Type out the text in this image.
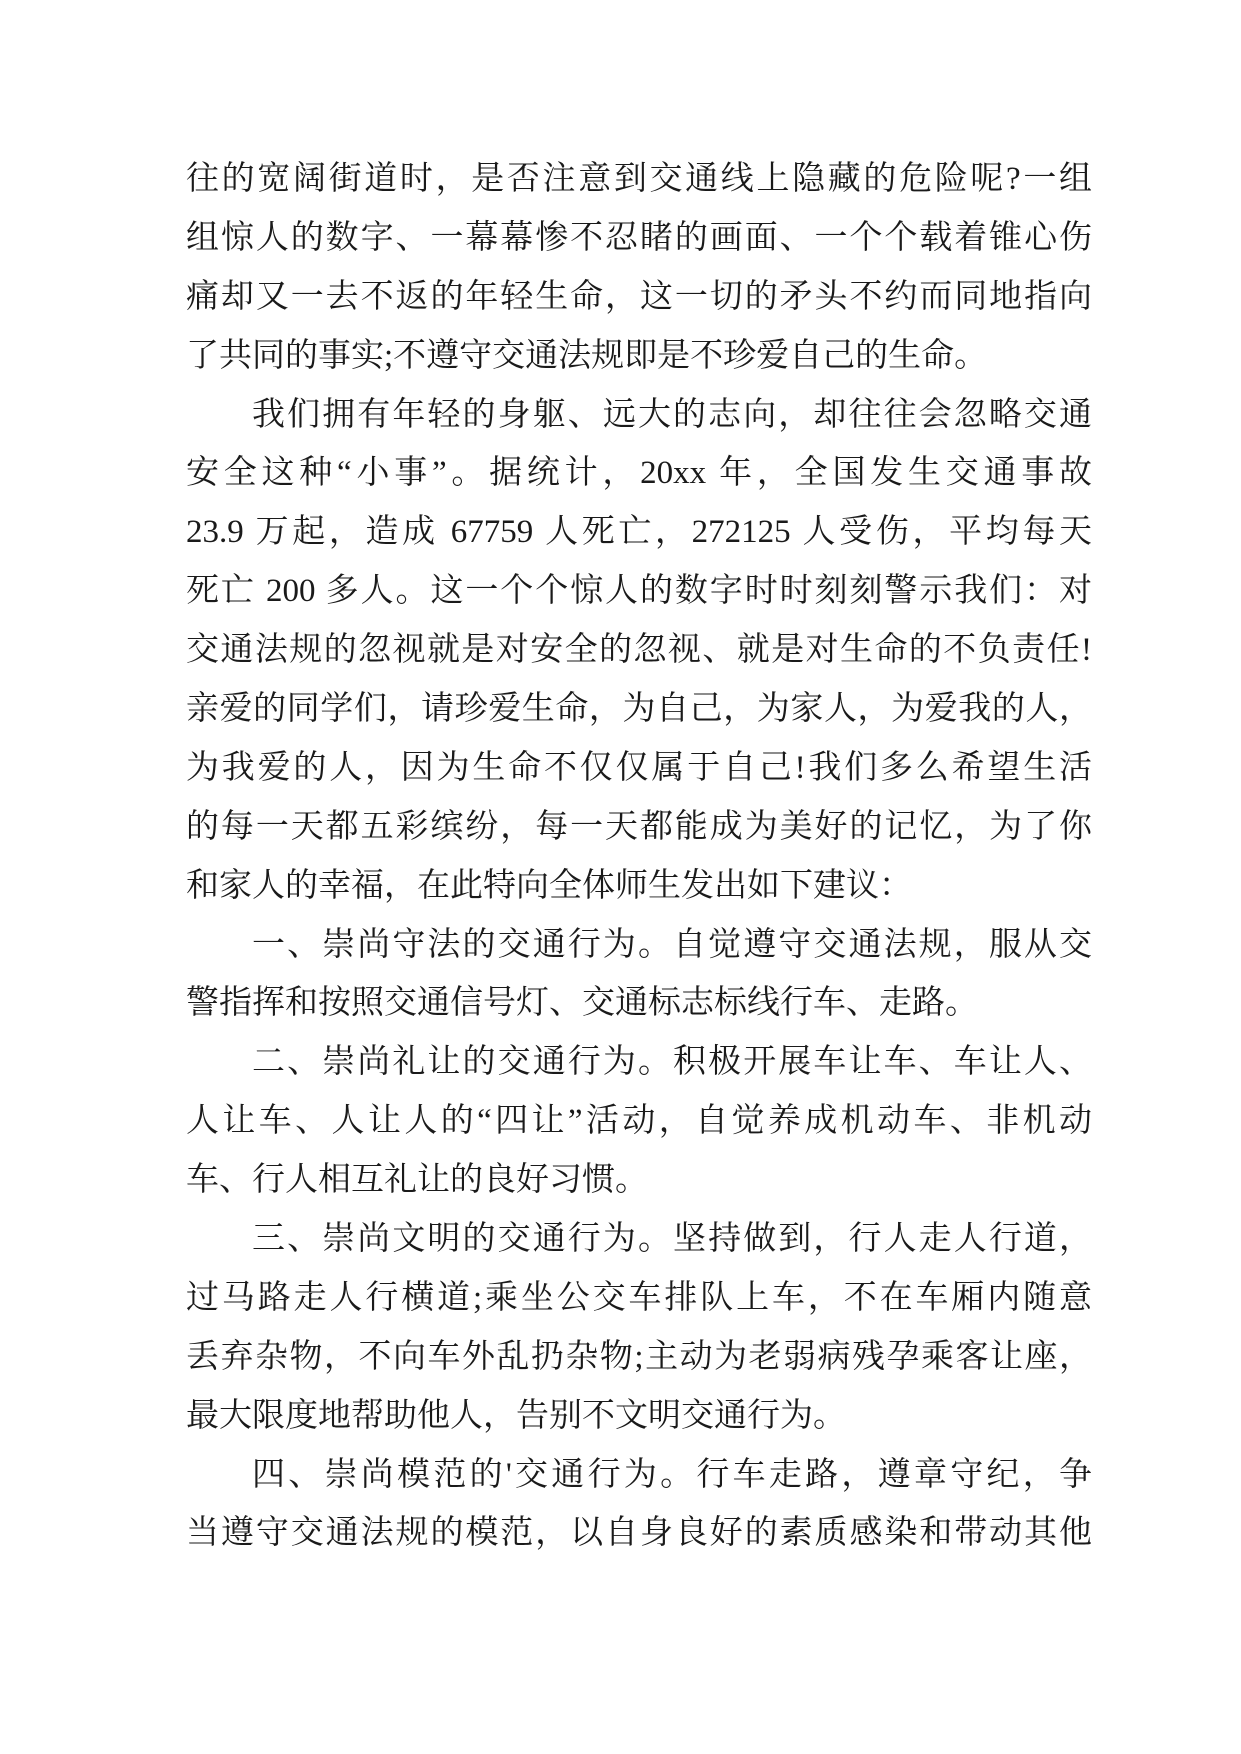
往的宽阔街道时，是否注意到交通线上隐藏的危险呢?一组
组惊人的数字、一幕幕惨不忍睹的画面、一个个载着锥心伤
痛却又一去不返的年轻生命，这一切的矛头不约而同地指向
了共同的事实;不遵守交通法规即是不珍爱自己的生命。
我们拥有年轻的身躯、远大的志向，却往往会忽略交通
安全这种“小事”。据统计，20xx 年，全国发生交通事故
23.9 万起，造成 67759 人死亡，272125 人受伤，平均每天
死亡 200 多人。这一个个惊人的数字时时刻刻警示我们：对
交通法规的忽视就是对安全的忽视、就是对生命的不负责任!
亲爱的同学们，请珍爱生命，为自己，为家人，为爱我的人，
为我爱的人，因为生命不仅仅属于自己!我们多么希望生活
的每一天都五彩缤纷，每一天都能成为美好的记忆，为了你
和家人的幸福，在此特向全体师生发出如下建议：
一、崇尚守法的交通行为。自觉遵守交通法规，服从交
警指挥和按照交通信号灯、交通标志标线行车、走路。
二、崇尚礼让的交通行为。积极开展车让车、车让人、
人让车、人让人的“四让”活动，自觉养成机动车、非机动
车、行人相互礼让的良好习惯。
三、崇尚文明的交通行为。坚持做到，行人走人行道，
过马路走人行横道;乘坐公交车排队上车，不在车厢内随意
丢弃杂物，不向车外乱扔杂物;主动为老弱病残孕乘客让座，
最大限度地帮助他人，告别不文明交通行为。
四、崇尚模范的'交通行为。行车走路，遵章守纪，争
当遵守交通法规的模范，以自身良好的素质感染和带动其他
